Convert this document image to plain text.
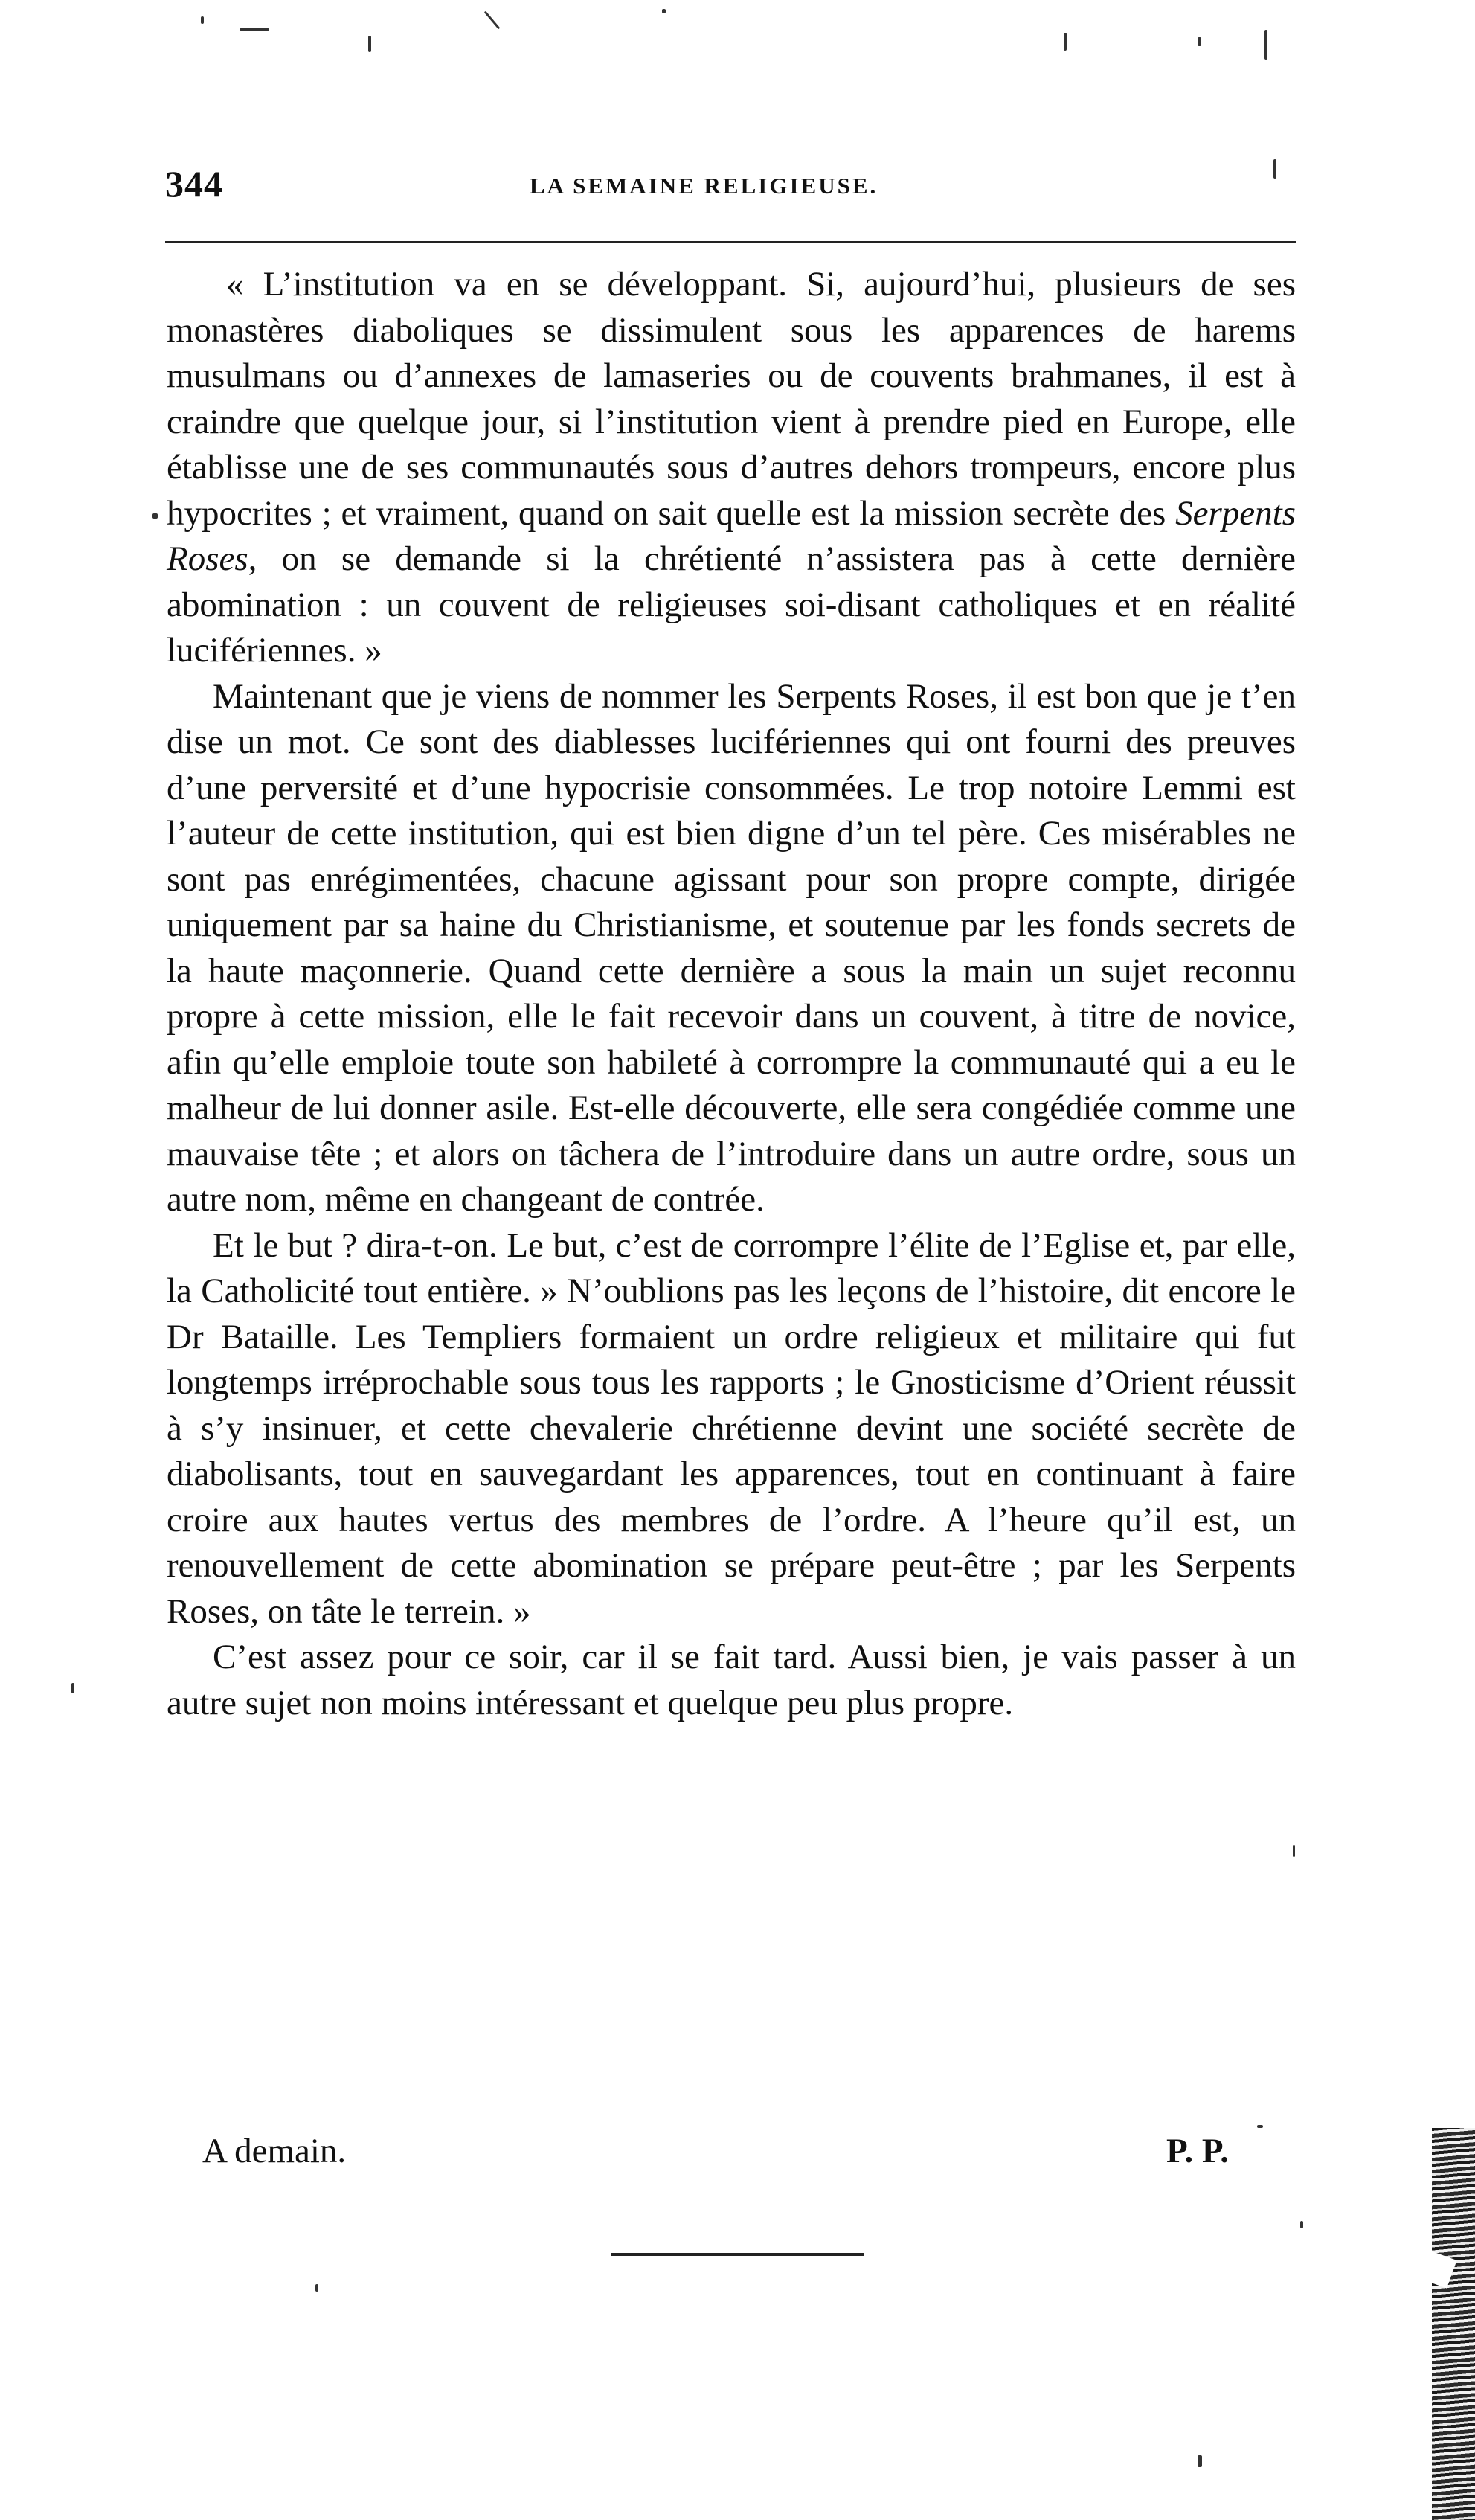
344	LA SEMAINE RELIGIEUSE.

« L’institution va en se développant. Si, aujourd’hui, plusieurs de ses monastères diaboliques se dissimulent sous les apparences de harems musulmans ou d’annexes de lamaseries ou de couvents brahmanes, il est à craindre que quelque jour, si l’institution vient à prendre pied en Europe, elle établisse une de ses communautés sous d’autres dehors trompeurs, encore plus hypocrites ; et vraiment, quand on sait quelle est la mission secrète des Serpents Roses, on se demande si la chrétienté n’assistera pas à cette dernière abomination : un couvent de religieuses soi-disant catholiques et en réalité lucifériennes. »

Maintenant que je viens de nommer les Serpents Roses, il est bon que je t’en dise un mot. Ce sont des diablesses lucifériennes qui ont fourni des preuves d’une perversité et d’une hypocrisie consommées. Le trop notoire Lemmi est l’auteur de cette institution, qui est bien digne d’un tel père. Ces misérables ne sont pas enrégimentées, chacune agissant pour son propre compte, dirigée uniquement par sa haine du Christianisme, et soutenue par les fonds secrets de la haute maçonnerie. Quand cette dernière a sous la main un sujet reconnu propre à cette mission, elle le fait recevoir dans un couvent, à titre de novice, afin qu’elle emploie toute son habileté à corrompre la communauté qui a eu le malheur de lui donner asile. Est-elle découverte, elle sera congédiée comme une mauvaise tête ; et alors on tâchera de l’introduire dans un autre ordre, sous un autre nom, même en changeant de contrée.

Et le but ? dira-t-on. Le but, c’est de corrompre l’élite de l’Eglise et, par elle, la Catholicité tout entière. » N’oublions pas les leçons de l’histoire, dit encore le Dr Bataille. Les Templiers formaient un ordre religieux et militaire qui fut longtemps irréprochable sous tous les rapports ; le Gnosticisme d’Orient réussit à s’y insinuer, et cette chevalerie chrétienne devint une société secrète de diabolisants, tout en sauvegardant les apparences, tout en continuant à faire croire aux hautes vertus des membres de l’ordre. A l’heure qu’il est, un renouvellement de cette abomination se prépare peut-être ; par les Serpents Roses, on tâte le terrein. »

C’est assez pour ce soir, car il se fait tard. Aussi bien, je vais passer à un autre sujet non moins intéressant et quelque peu plus propre.

A demain.	P. P.
